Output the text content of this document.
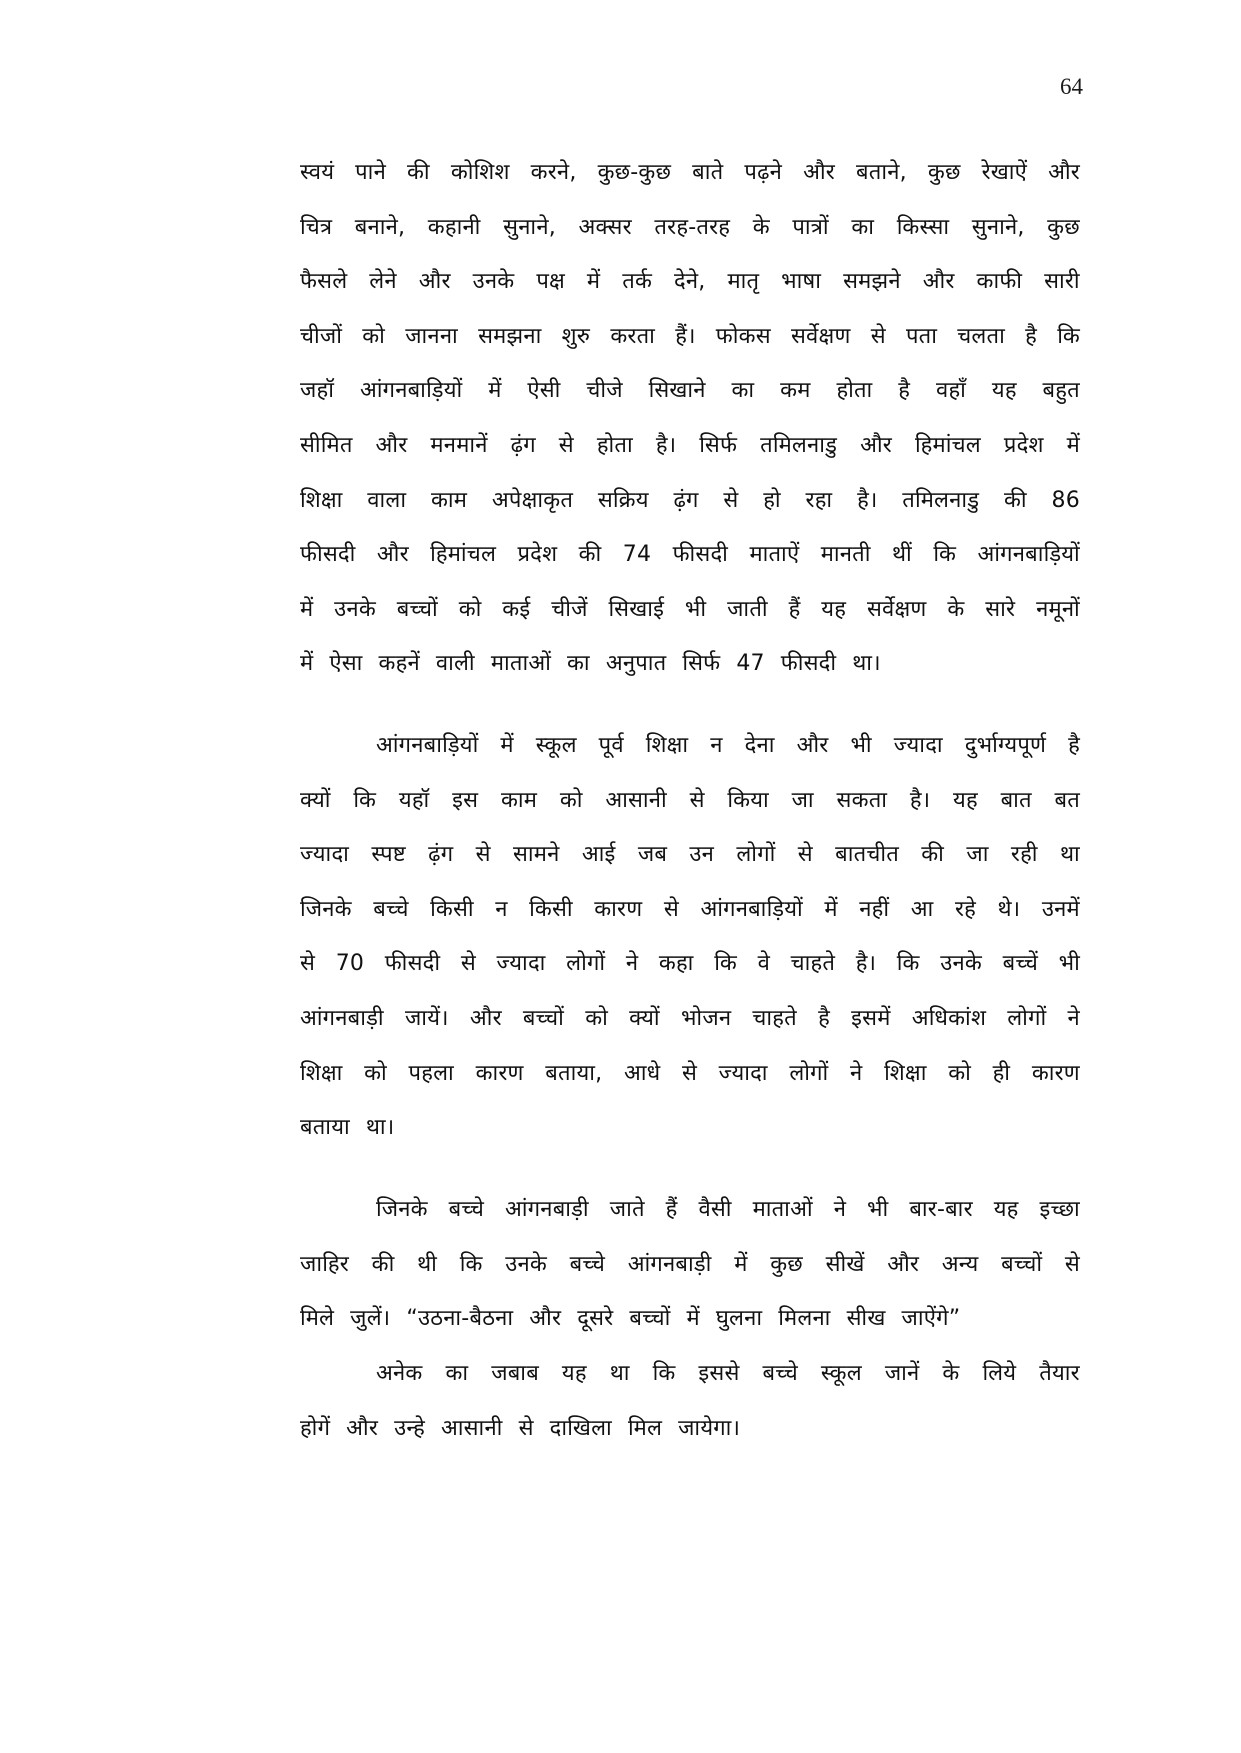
64
स्वयं पाने की कोशिश करने, कुछ-कुछ बाते पढ़ने और बताने, कुछ रेखाऐं और
चित्र बनाने, कहानी सुनाने, अक्सर तरह-तरह के पात्रों का किस्सा सुनाने, कुछ
फैसले लेने और उनके पक्ष में तर्क देने, मातृ भाषा समझने और काफी सारी
चीजों को जानना समझना शुरु करता हैं। फोकस सर्वेक्षण से पता चलता है कि
जहॉ आंगनबाड़ियों में ऐसी चीजे सिखाने का कम होता है वहाँ यह बहुत
सीमित और मनमानें ढ़ंग से होता है। सिर्फ तमिलनाडु और हिमांचल प्रदेश में
शिक्षा वाला काम अपेक्षाकृत सक्रिय ढ़ंग से हो रहा है। तमिलनाडु की 86
फीसदी और हिमांचल प्रदेश की 74 फीसदी माताऐं मानती थीं कि आंगनबाड़ियों
में उनके बच्चों को कई चीजें सिखाई भी जाती हैं यह सर्वेक्षण के सारे नमूनों
में ऐसा कहनें वाली माताओं का अनुपात सिर्फ 47 फीसदी था।
आंगनबाड़ियों में स्कूल पूर्व शिक्षा न देना और भी ज्यादा दुर्भाग्यपूर्ण है
क्यों कि यहॉ इस काम को आसानी से किया जा सकता है। यह बात बत
ज्यादा स्पष्ट ढ़ंग से सामने आई जब उन लोगों से बातचीत की जा रही था
जिनके बच्चे किसी न किसी कारण से आंगनबाड़ियों में नहीं आ रहे थे। उनमें
से 70 फीसदी से ज्यादा लोगों ने कहा कि वे चाहते है। कि उनके बच्चें भी
आंगनबाड़ी जायें। और बच्चों को क्यों भोजन चाहते है इसमें अधिकांश लोगों ने
शिक्षा को पहला कारण बताया, आधे से ज्यादा लोगों ने शिक्षा को ही कारण
बताया था।
जिनके बच्चे आंगनबाड़ी जाते हैं वैसी माताओं ने भी बार-बार यह इच्छा
जाहिर की थी कि उनके बच्चे आंगनबाड़ी में कुछ सीखें और अन्य बच्चों से
मिले जुलें। “उठना-बैठना और दूसरे बच्चों में घुलना मिलना सीख जाऐंगे”
अनेक का जबाब यह था कि इससे बच्चे स्कूल जानें के लिये तैयार
होगें और उन्हे आसानी से दाखिला मिल जायेगा।
